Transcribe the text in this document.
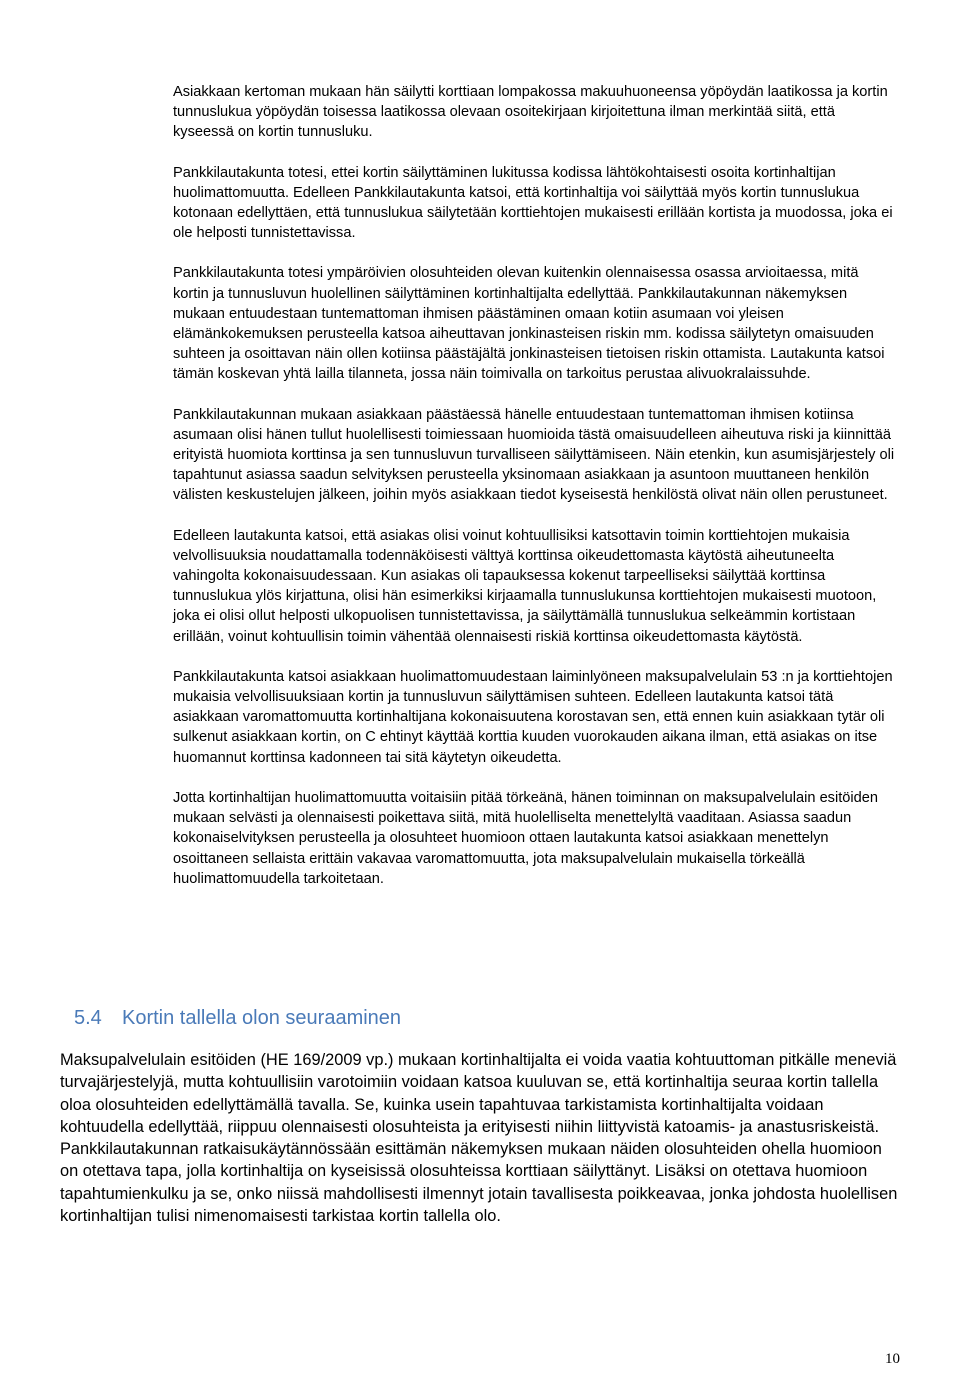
Asiakkaan kertoman mukaan hän säilytti korttiaan lompakossa makuuhuoneensa yöpöydän laatikossa ja kortin tunnuslukua yöpöydän toisessa laatikossa olevaan osoitekirjaan kirjoitettuna ilman merkintää siitä, että kyseessä on kortin tunnusluku.

Pankkilautakunta totesi, ettei kortin säilyttäminen lukitussa kodissa lähtökohtaisesti osoita kortinhaltijan huolimattomuutta. Edelleen Pankkilautakunta katsoi, että kortinhaltija voi säilyttää myös kortin tunnuslukua kotonaan edellyttäen, että tunnuslukua säilytetään korttiehtojen mukaisesti erillään kortista ja muodossa, joka ei ole helposti tunnistettavissa.

Pankkilautakunta totesi ympäröivien olosuhteiden olevan kuitenkin olennaisessa osassa arvioitaessa, mitä kortin ja tunnusluvun huolellinen säilyttäminen kortinhaltijalta edellyttää. Pankkilautakunnan näkemyksen mukaan entuudestaan tuntemattoman ihmisen päästäminen omaan kotiin asumaan voi yleisen elämänkokemuksen perusteella katsoa aiheuttavan jonkinasteisen riskin mm. kodissa säilytetyn omaisuuden suhteen ja osoittavan näin ollen kotiinsa päästäjältä jonkinasteisen tietoisen riskin ottamista. Lautakunta katsoi tämän koskevan yhtä lailla tilanneta, jossa näin toimivalla on tarkoitus perustaa alivuokralaissuhde.

Pankkilautakunnan mukaan asiakkaan päästäessä hänelle entuudestaan tuntemattoman ihmisen kotiinsa asumaan olisi hänen tullut huolellisesti toimiessaan huomioida tästä omaisuudelleen aiheutuva riski ja kiinnittää erityistä huomiota korttinsa ja sen tunnusluvun turvalliseen säilyttämiseen. Näin etenkin, kun asumisjärjestely oli tapahtunut asiassa saadun selvityksen perusteella yksinomaan asiakkaan ja asuntoon muuttaneen henkilön välisten keskustelujen jälkeen, joihin myös asiakkaan tiedot kyseisestä henkilöstä olivat näin ollen perustuneet.

Edelleen lautakunta katsoi, että asiakas olisi voinut kohtuullisiksi katsottavin toimin korttiehtojen mukaisia velvollisuuksia noudattamalla todennäköisesti välttyä korttinsa oikeudettomasta käytöstä aiheutuneelta vahingolta kokonaisuudessaan. Kun asiakas oli tapauksessa kokenut tarpeelliseksi säilyttää korttinsa tunnuslukua ylös kirjattuna, olisi hän esimerkiksi kirjaamalla tunnuslukunsa korttiehtojen mukaisesti muotoon, joka ei olisi ollut helposti ulkopuolisen tunnistettavissa, ja säilyttämällä tunnuslukua selkeämmin kortistaan erillään, voinut kohtuullisin toimin vähentää olennaisesti riskiä korttinsa oikeudettomasta käytöstä.

Pankkilautakunta katsoi asiakkaan huolimattomuudestaan laiminlyöneen maksupalvelulain 53 :n ja korttiehtojen mukaisia velvollisuuksiaan kortin ja tunnusluvun säilyttämisen suhteen. Edelleen lautakunta katsoi tätä asiakkaan varomattomuutta kortinhaltijana kokonaisuutena korostavan sen, että ennen kuin asiakkaan tytär oli sulkenut asiakkaan kortin, on C ehtinyt käyttää korttia kuuden vuorokauden aikana ilman, että asiakas on itse huomannut korttinsa kadonneen tai sitä käytetyn oikeudetta.

Jotta kortinhaltijan huolimattomuutta voitaisiin pitää törkeänä, hänen toiminnan on maksupalvelulain esitöiden mukaan selvästi ja olennaisesti poikettava siitä, mitä huolelliselta menettelyltä vaaditaan. Asiassa saadun kokonaiselvityksen perusteella ja olosuhteet huomioon ottaen lautakunta katsoi asiakkaan menettelyn osoittaneen sellaista erittäin vakavaa varomattomuutta, jota maksupalvelulain mukaisella törkeällä huolimattomuudella tarkoitetaan.

5.4 Kortin tallella olon seuraaminen

Maksupalvelulain esitöiden (HE 169/2009 vp.) mukaan kortinhaltijalta ei voida vaatia kohtuuttoman pitkälle meneviä turvajärjestelyjä, mutta kohtuullisiin varotoimiin voidaan katsoa kuuluvan se, että kortinhaltija seuraa kortin tallella oloa olosuhteiden edellyttämällä tavalla. Se, kuinka usein tapahtuvaa tarkistamista kortinhaltijalta voidaan kohtuudella edellyttää, riippuu olennaisesti olosuhteista ja erityisesti niihin liittyvistä katoamis- ja anastusriskeistä. Pankkilautakunnan ratkaisukäytännössään esittämän näkemyksen mukaan näiden olosuhteiden ohella huomioon on otettava tapa, jolla kortinhaltija on kyseisissä olosuhteissa korttiaan säilyttänyt. Lisäksi on otettava huomioon tapahtumienkulku ja se, onko niissä mahdollisesti ilmennyt jotain tavallisesta poikkeavaa, jonka johdosta huolellisen kortinhaltijan tulisi nimenomaisesti tarkistaa kortin tallella olo.

10
